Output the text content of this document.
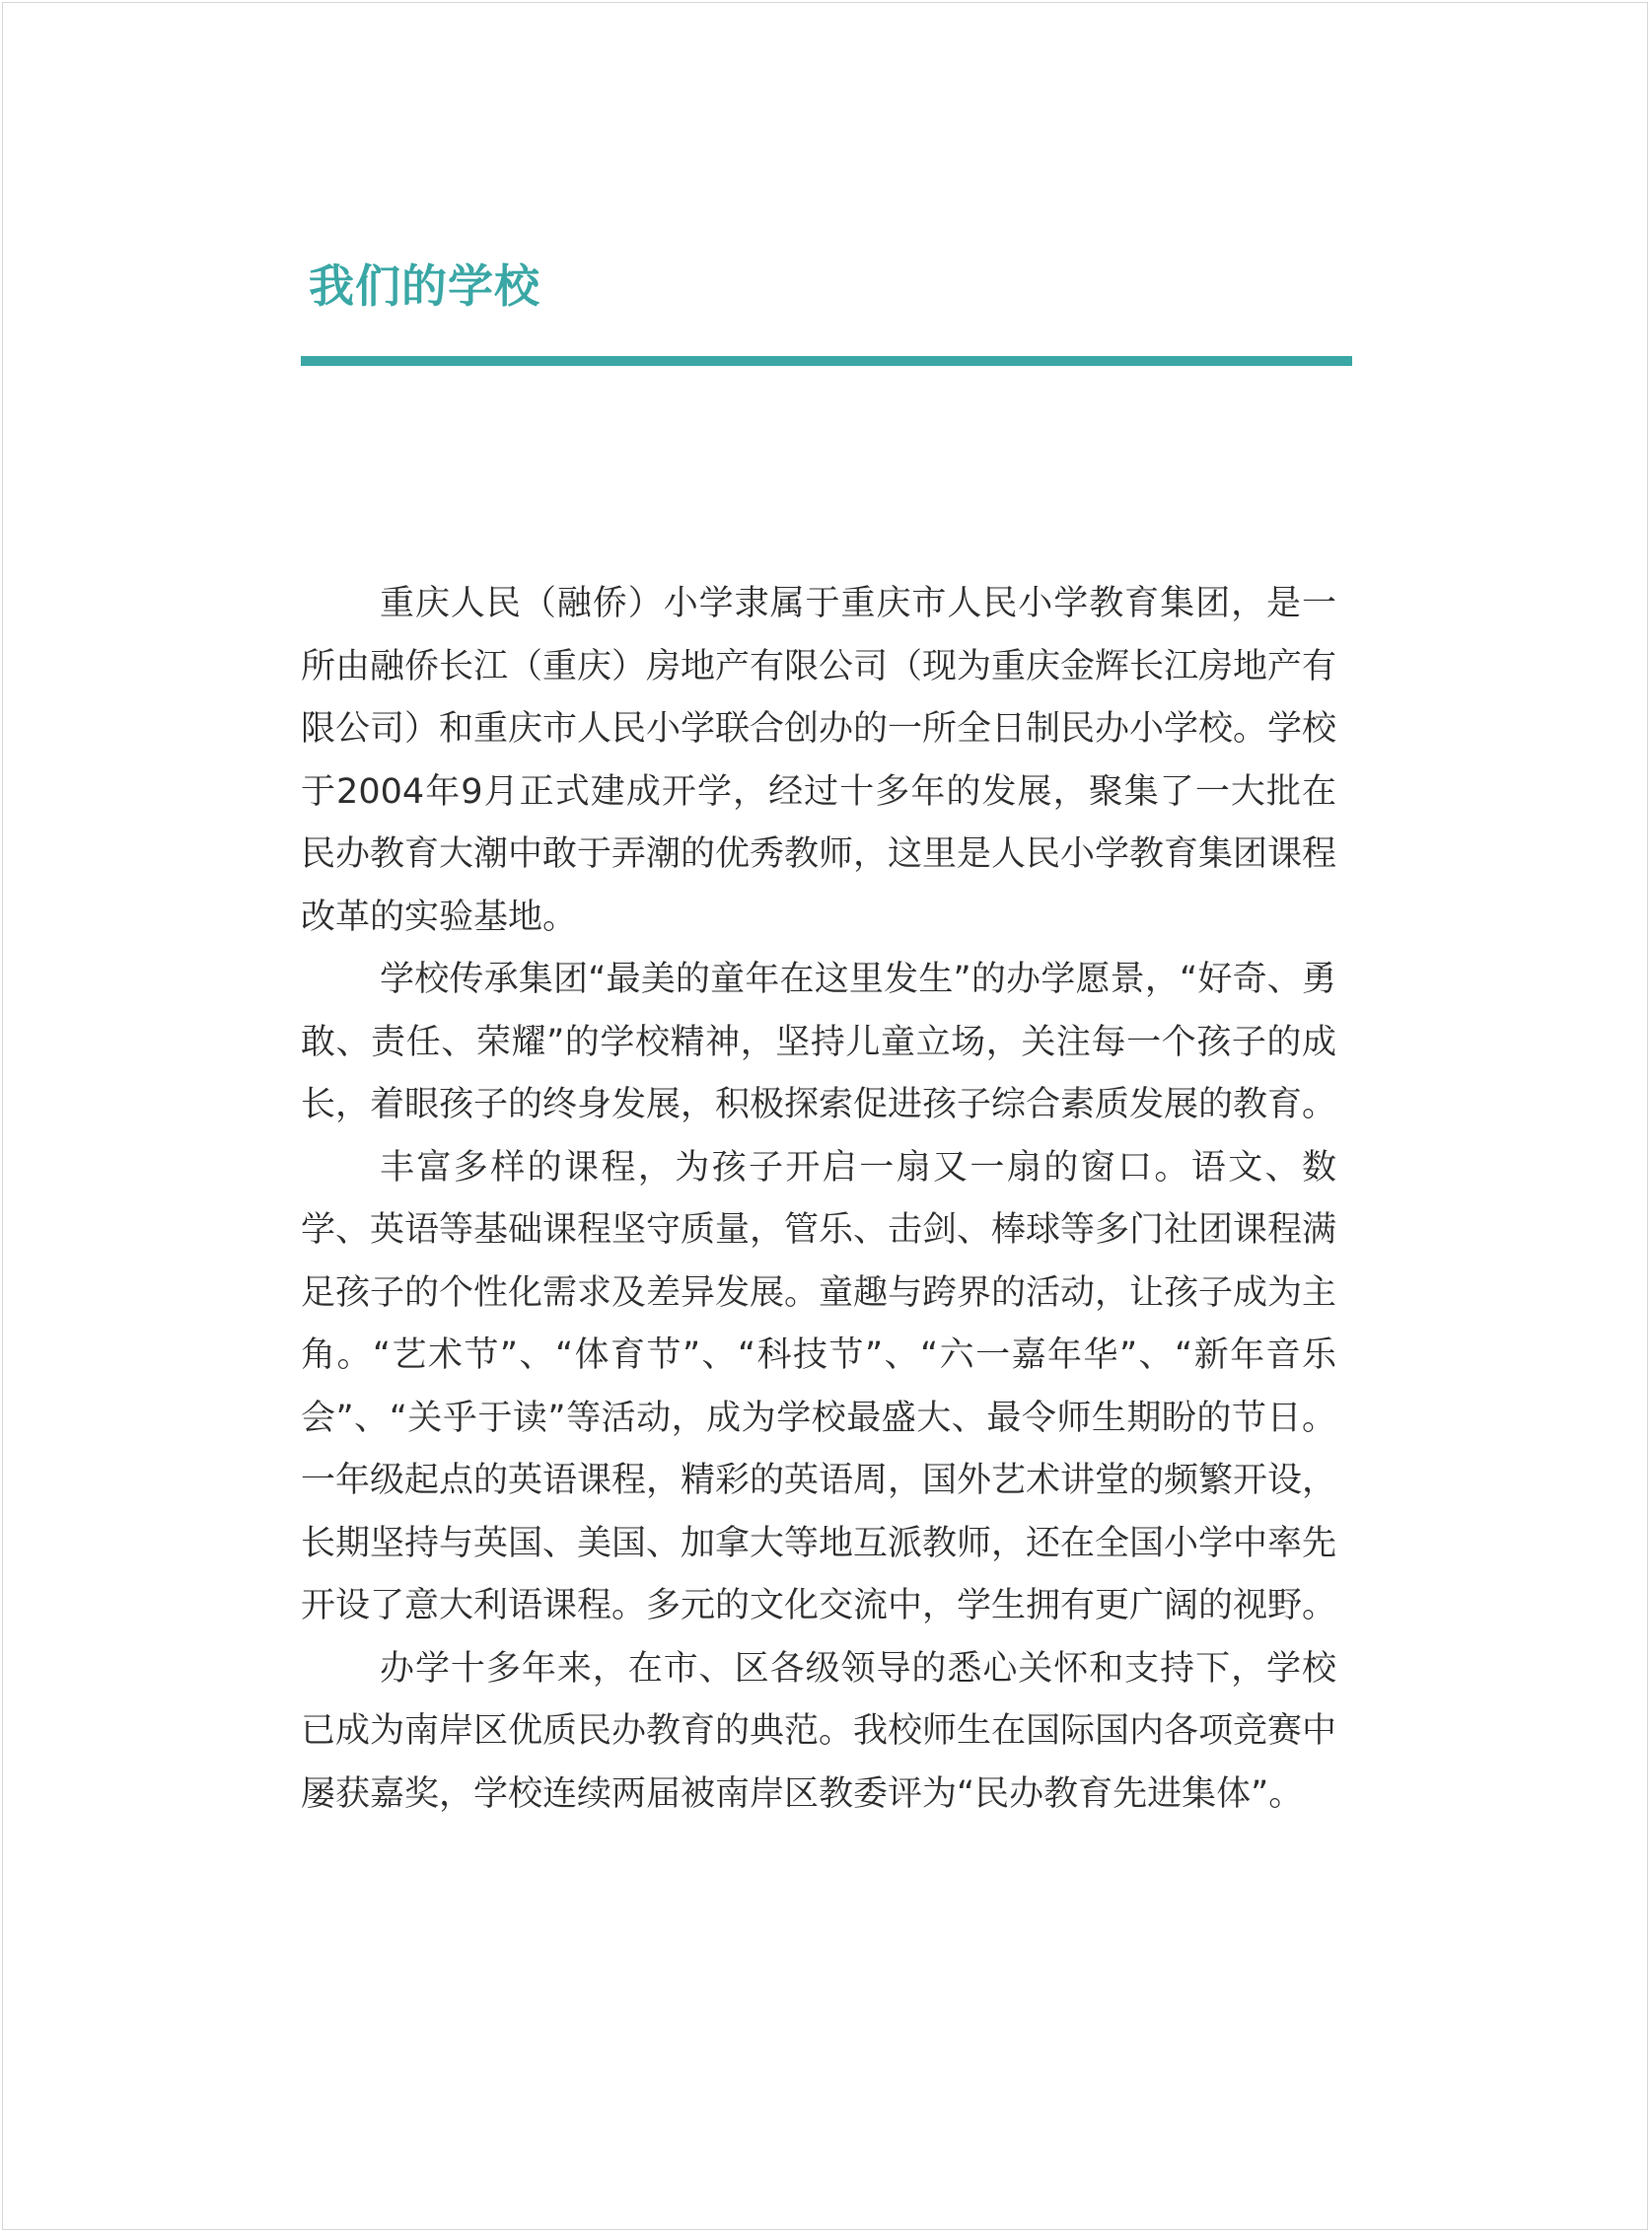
我们的学校

重庆人民（融侨）小学隶属于重庆市人民小学教育集团，是一所由融侨长江（重庆）房地产有限公司（现为重庆金辉长江房地产有限公司）和重庆市人民小学联合创办的一所全日制民办小学校。学校于2004年9月正式建成开学，经过十多年的发展，聚集了一大批在民办教育大潮中敢于弄潮的优秀教师，这里是人民小学教育集团课程改革的实验基地。

学校传承集团“最美的童年在这里发生”的办学愿景，“好奇、勇敢、责任、荣耀”的学校精神，坚持儿童立场，关注每一个孩子的成长，着眼孩子的终身发展，积极探索促进孩子综合素质发展的教育。

丰富多样的课程，为孩子开启一扇又一扇的窗口。语文、数学、英语等基础课程坚守质量，管乐、击剑、棒球等多门社团课程满足孩子的个性化需求及差异发展。童趣与跨界的活动，让孩子成为主角。“艺术节”、“体育节”、“科技节”、“六一嘉年华”、“新年音乐会”、“关乎于读”等活动，成为学校最盛大、最令师生期盼的节日。一年级起点的英语课程，精彩的英语周，国外艺术讲堂的频繁开设，长期坚持与英国、美国、加拿大等地互派教师，还在全国小学中率先开设了意大利语课程。多元的文化交流中，学生拥有更广阔的视野。

办学十多年来，在市、区各级领导的悉心关怀和支持下，学校已成为南岸区优质民办教育的典范。我校师生在国际国内各项竞赛中屡获嘉奖，学校连续两届被南岸区教委评为“民办教育先进集体”。
